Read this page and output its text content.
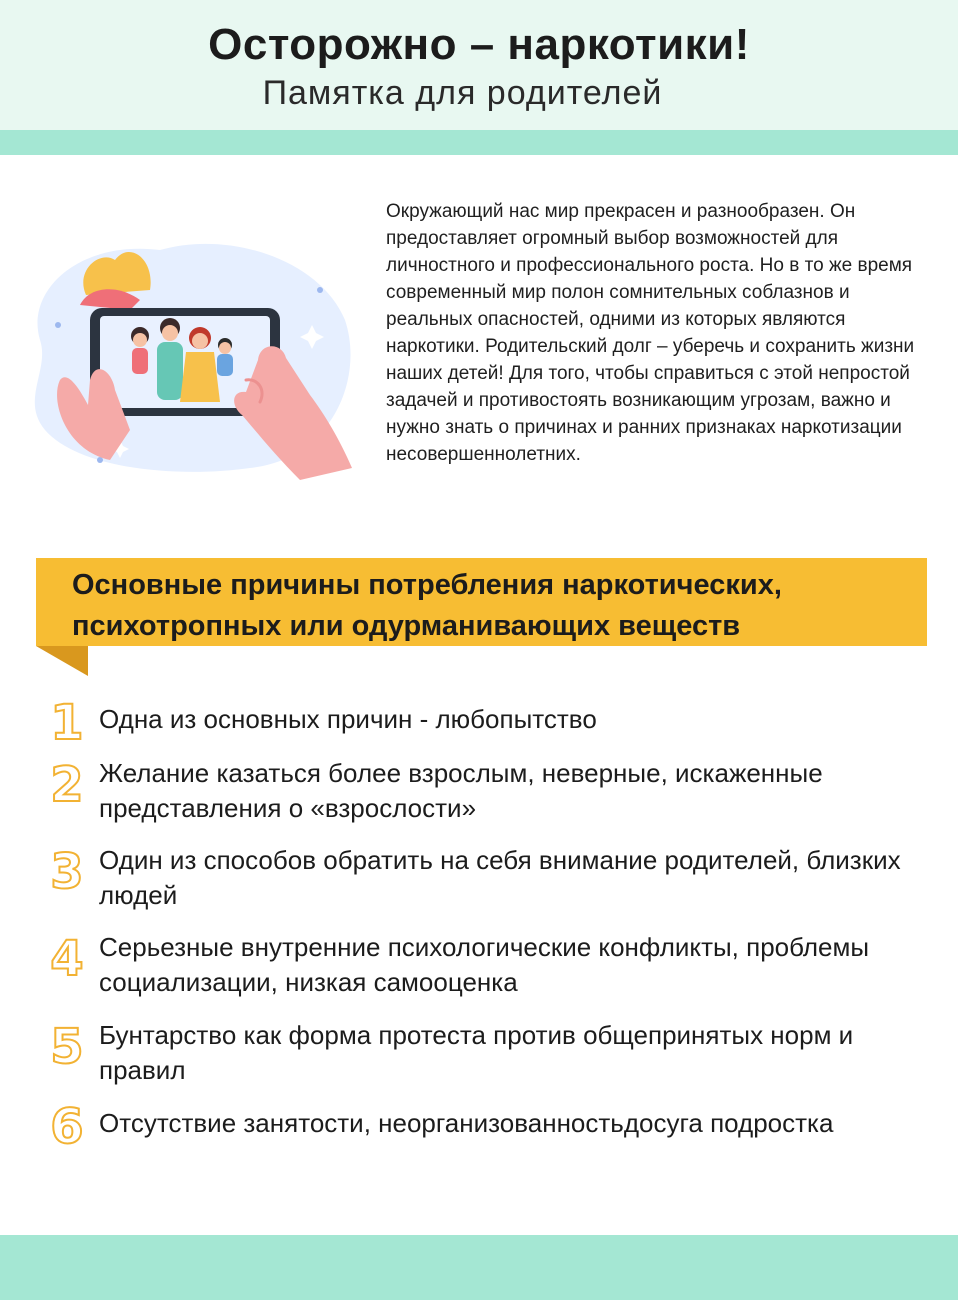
Осторожно – наркотики!
Памятка для родителей
Окружающий нас мир прекрасен и разнообразен. Он предоставляет огромный выбор возможностей для личностного и профессионального роста. Но в то же время современный мир полон сомнительных соблазнов и реальных опасностей, одними из которых являются наркотики. Родительский долг – уберечь и сохранить жизни наших детей! Для того, чтобы справиться с этой непростой задачей и противостоять возникающим угрозам, важно и нужно знать о причинах и ранних признаках наркотизации несовершеннолетних.
Основные причины потребления наркотических, психотропных или одурманивающих веществ
1 Одна из основных причин - любопытство
2 Желание казаться более взрослым, неверные, искаженные представления о «взрослости»
3 Один из способов обратить на себя внимание родителей, близких людей
4 Серьезные внутренние психологические конфликты, проблемы социализации, низкая самооценка
5 Бунтарство как форма протеста против общепринятых норм и правил
6 Отсутствие занятости, неорганизованностьдосуга подростка
